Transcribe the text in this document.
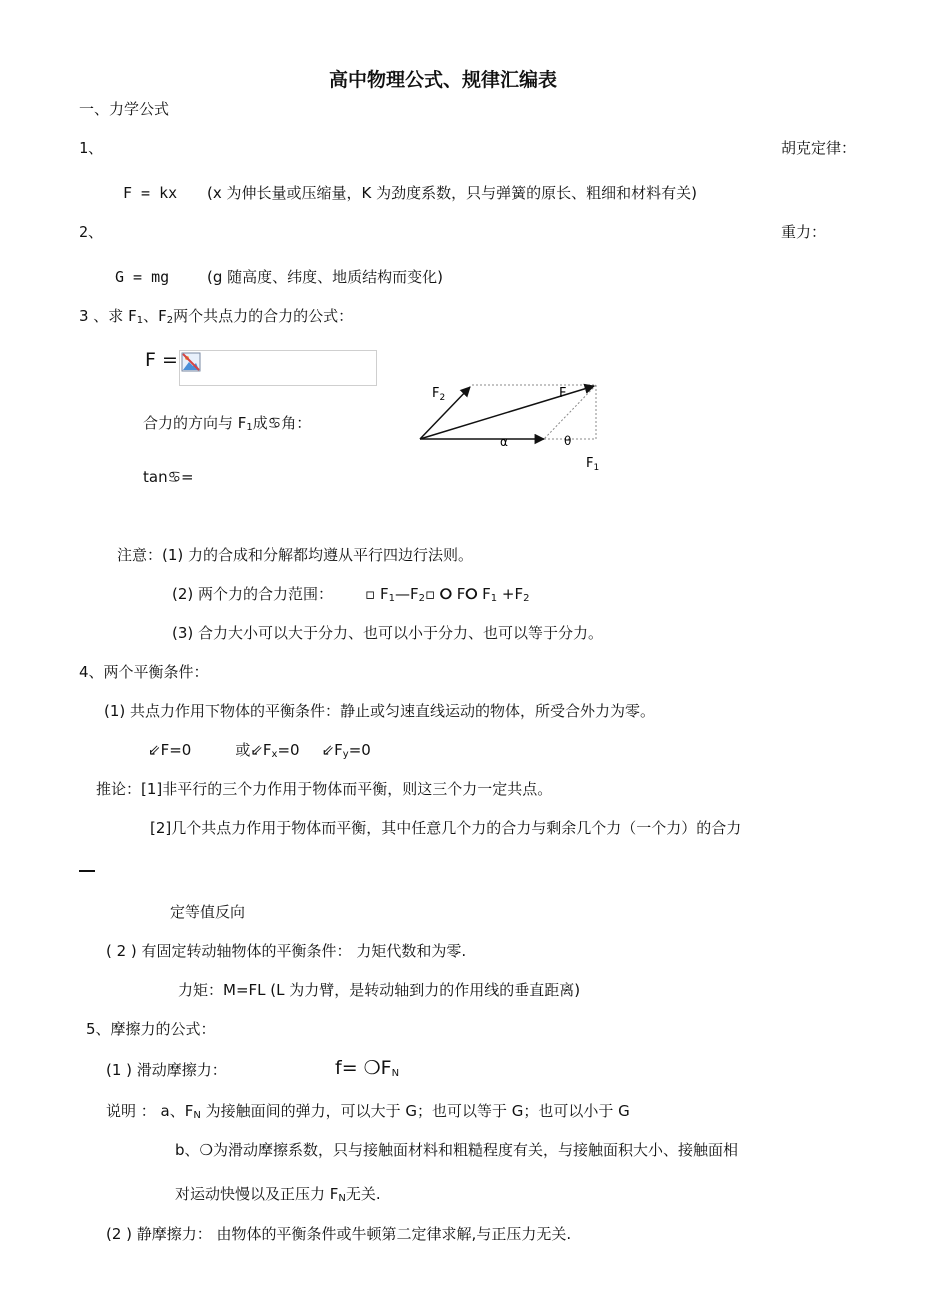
高中物理公式、规律汇编表
一、力学公式
1、	胡克定律：
F = kx (x 为伸长量或压缩量，K 为劲度系数，只与弹簧的原长、粗细和材料有关)
2、	重力：
G = mg	(g 随高度、纬度、地质结构而变化)
3 、求 $F_1$、$F_2$两个共点力的合力的公式：
F =
合力的方向与 $F_1$成♋角：
tan♋=
$F_2$	F
α	θ
$F_1$
注意：(1) 力的合成和分解都均遵从平行四边行法则。
(2) 两个力的合力范围： ▫ $F_1—F_2▫$ ⭘ F⭘ $F_1 +F_2$
(3) 合力大小可以大于分力、也可以小于分力、也可以等于分力。
4、两个平衡条件：
(1) 共点力作用下物体的平衡条件：静止或匀速直线运动的物体，所受合外力为零。
⇙F=0	或$⇙F_x=0$ $⇙F_y=0$
推论：[1]非平行的三个力作用于物体而平衡，则这三个力一定共点。
[2]几个共点力作用于物体而平衡，其中任意几个力的合力与剩余几个力（一个力）的合力
定等值反向
( 2 ) 有固定转动轴物体的平衡条件： 力矩代数和为零.
力矩：M=FL (L 为力臂，是转动轴到力的作用线的垂直距离)
5、摩擦力的公式：
(1 ) 滑动摩擦力：	$f= ❍F_N$
说明 ： a、$F_N$ 为接触面间的弹力，可以大于 G；也可以等于 G；也可以小于 G
b、❍为滑动摩擦系数，只与接触面材料和粗糙程度有关，与接触面积大小、接触面相
对运动快慢以及正压力 $F_N$无关.
(2 ) 静摩擦力： 由物体的平衡条件或牛顿第二定律求解,与正压力无关.
